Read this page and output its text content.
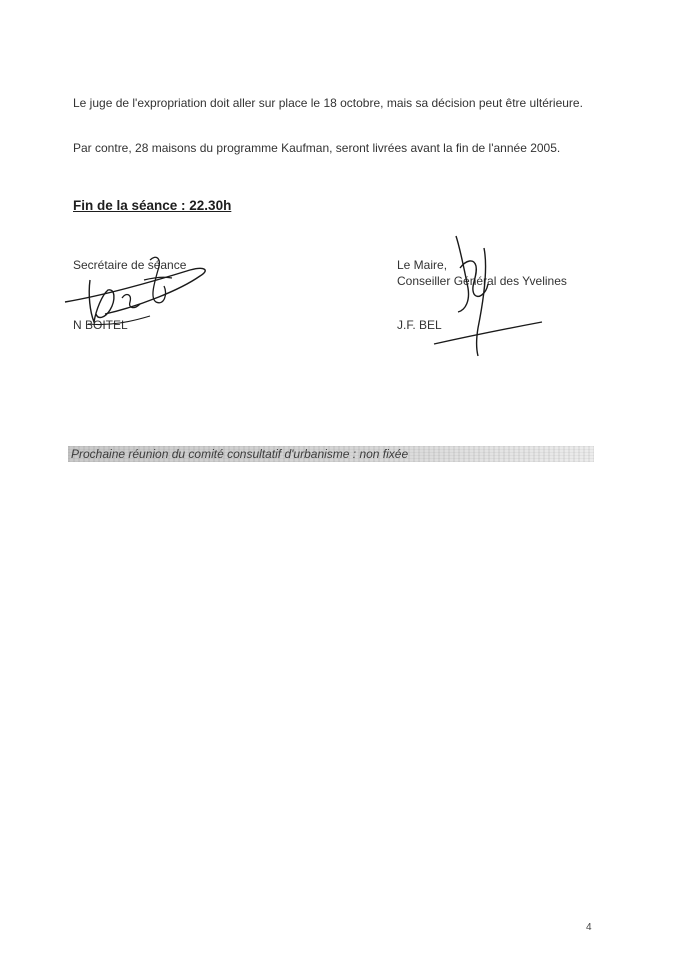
Le juge de l'expropriation doit aller sur place le 18 octobre, mais sa décision peut être ultérieure.

Par contre, 28 maisons du programme Kaufman, seront livrées avant la fin de l'année 2005.

Fin de la séance : 22.30h
Secrétaire de séance
N BOITEL
Le Maire,
Conseiller Général des Yvelines
J.F. BEL
Prochaine réunion du comité consultatif d'urbanisme : non fixée
4
